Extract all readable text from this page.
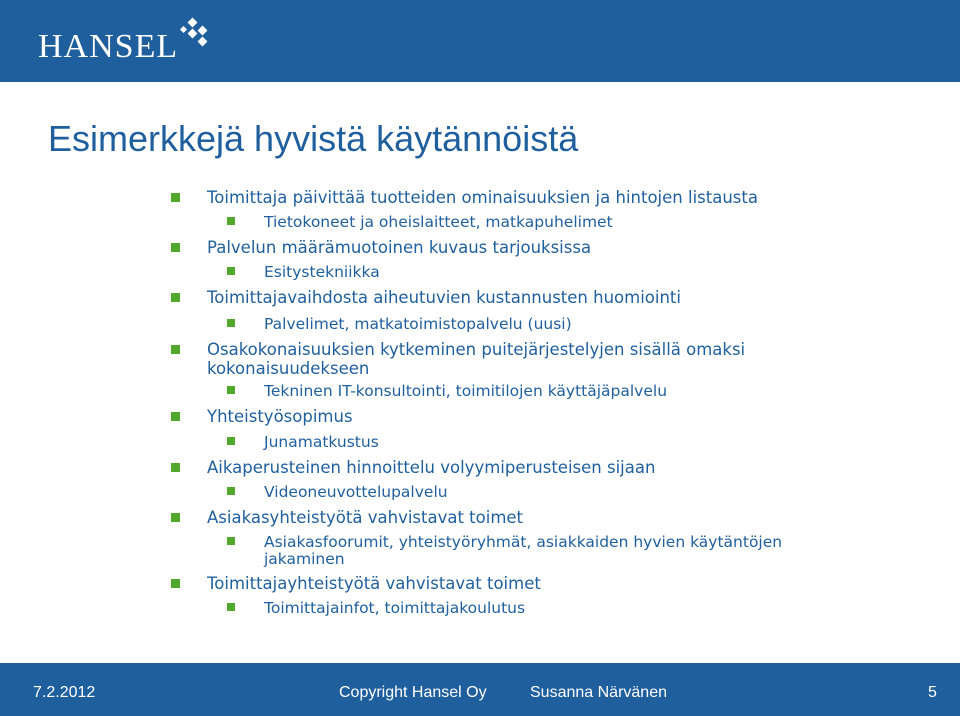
HANSEL
Esimerkkejä hyvistä käytännöistä
Toimittaja päivittää tuotteiden ominaisuuksien ja hintojen listausta
Tietokoneet ja oheislaitteet, matkapuhelimet
Palvelun määrämuotoinen kuvaus tarjouksissa
Esitystekniikka
Toimittajavaihdosta aiheutuvien kustannusten huomiointi
Palvelimet, matkatoimistopalvelu (uusi)
Osakokonaisuuksien kytkeminen puitejärjestelyjen sisällä omaksi
kokonaisuudekseen
Tekninen IT-konsultointi, toimitilojen käyttäjäpalvelu
Yhteistyösopimus
Junamatkustus
Aikaperusteinen hinnoittelu volyymiperusteisen sijaan
Videoneuvottelupalvelu
Asiakasyhteistyötä vahvistavat toimet
Asiakasfoorumit, yhteistyöryhmät, asiakkaiden hyvien käytäntöjen
jakaminen
Toimittajayhteistyötä vahvistavat toimet
Toimittajainfot, toimittajakoulutus
7.2.2012	Copyright Hansel Oy	Susanna Närvänen	5
